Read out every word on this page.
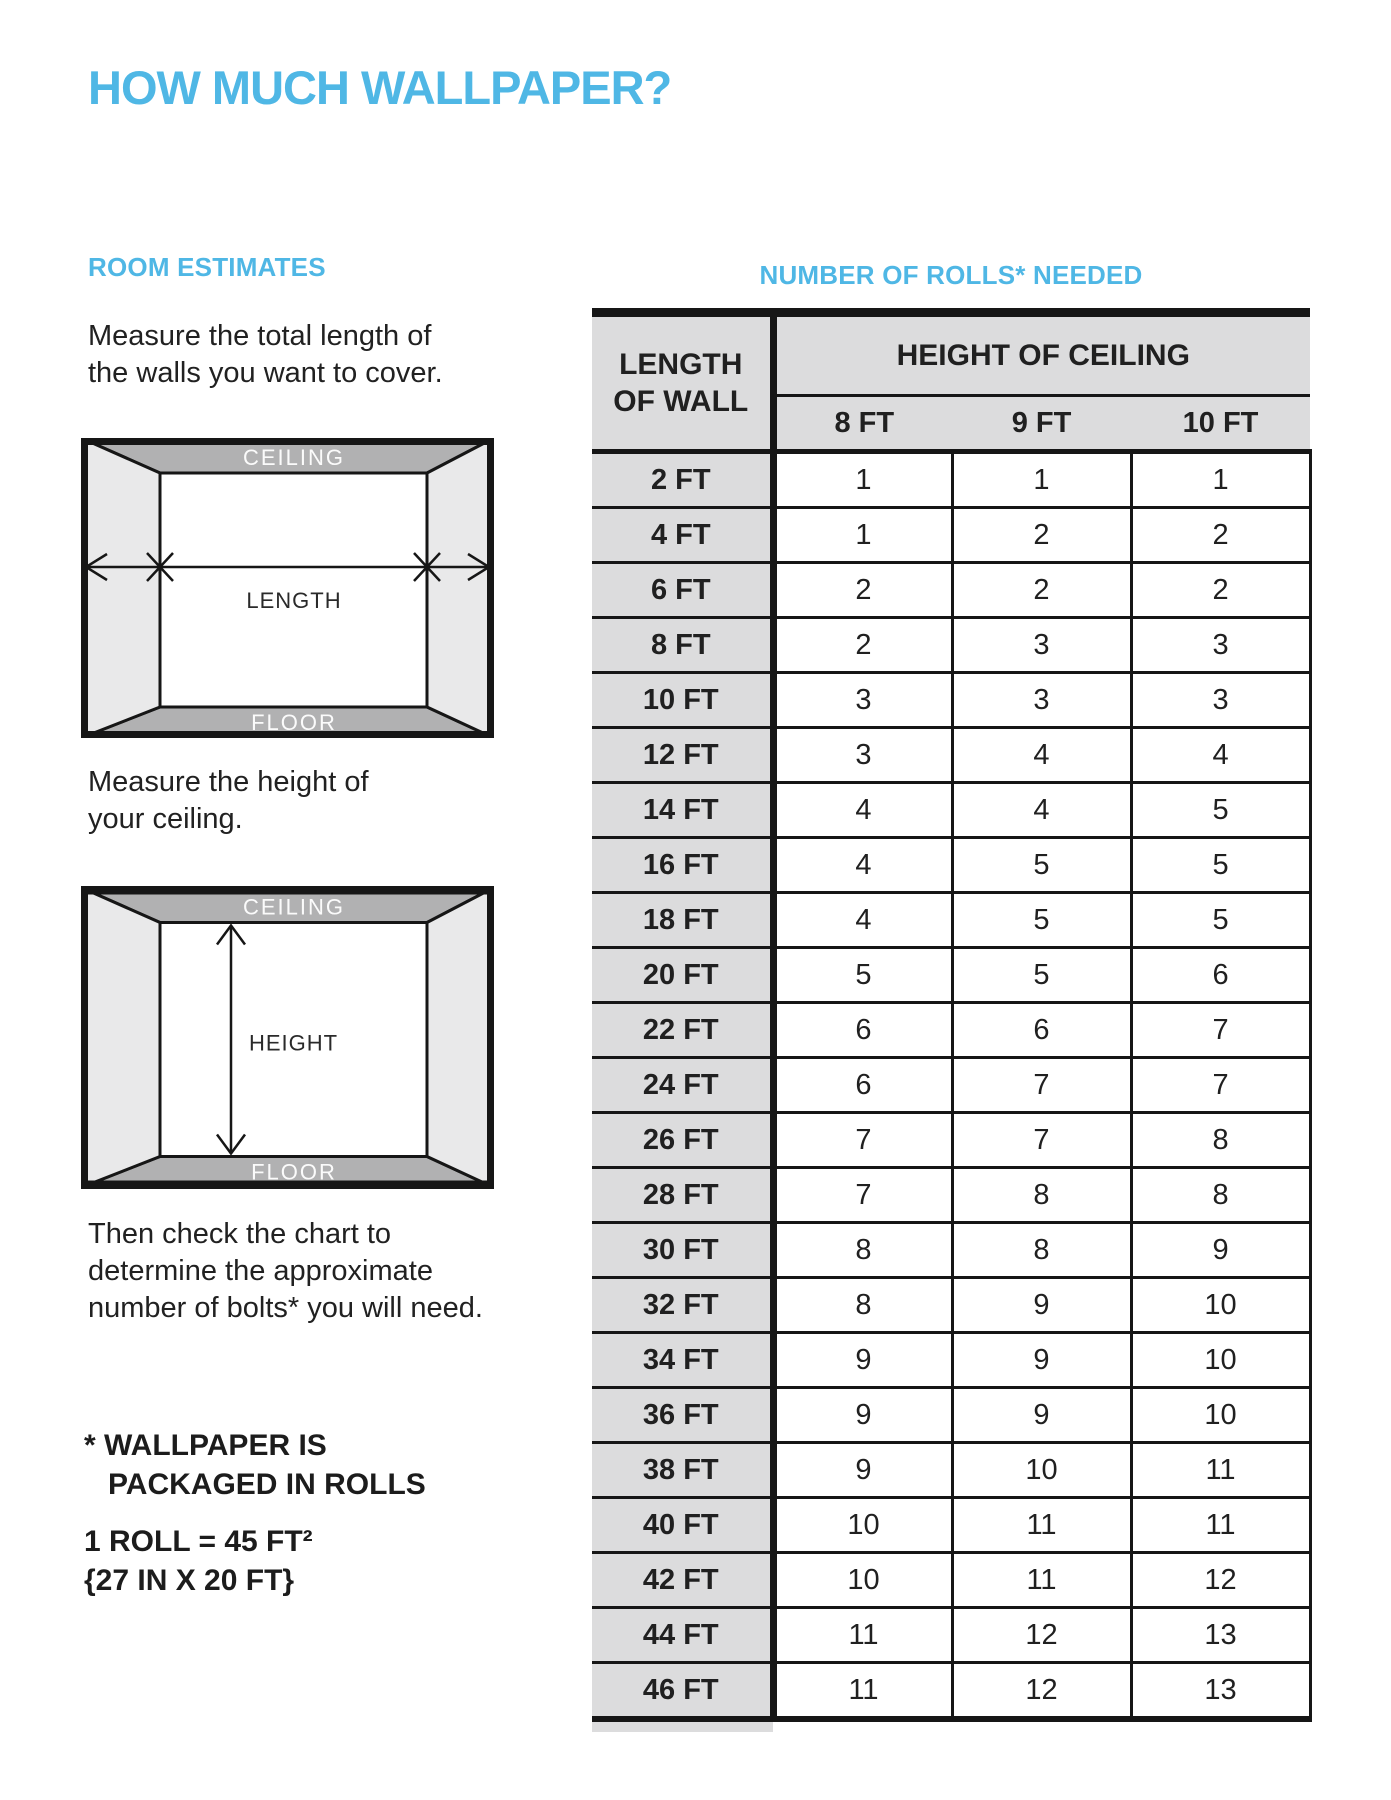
HOW MUCH WALLPAPER?
ROOM ESTIMATES
Measure the total length of
the walls you want to cover.
CEILING
FLOOR
LENGTH
Measure the height of
your ceiling.
CEILING
FLOOR
HEIGHT
Then check the chart to
determine the approximate
number of bolts* you will need.
* WALLPAPER IS
PACKAGED IN ROLLS
1 ROLL = 45 FT²
{27 IN X 20 FT}
NUMBER OF ROLLS* NEEDED
LENGTH
OF WALL	HEIGHT OF CEILING		
	8 FT	9 FT	10 FT
2 FT	1	1	1
4 FT	1	2	2
6 FT	2	2	2
8 FT	2	3	3
10 FT	3	3	3
12 FT	3	4	4
14 FT	4	4	5
16 FT	4	5	5
18 FT	4	5	5
20 FT	5	5	6
22 FT	6	6	7
24 FT	6	7	7
26 FT	7	7	8
28 FT	7	8	8
30 FT	8	8	9
32 FT	8	9	10
34 FT	9	9	10
36 FT	9	9	10
38 FT	9	10	11
40 FT	10	11	11
42 FT	10	11	12
44 FT	11	12	13
46 FT	11	12	13
